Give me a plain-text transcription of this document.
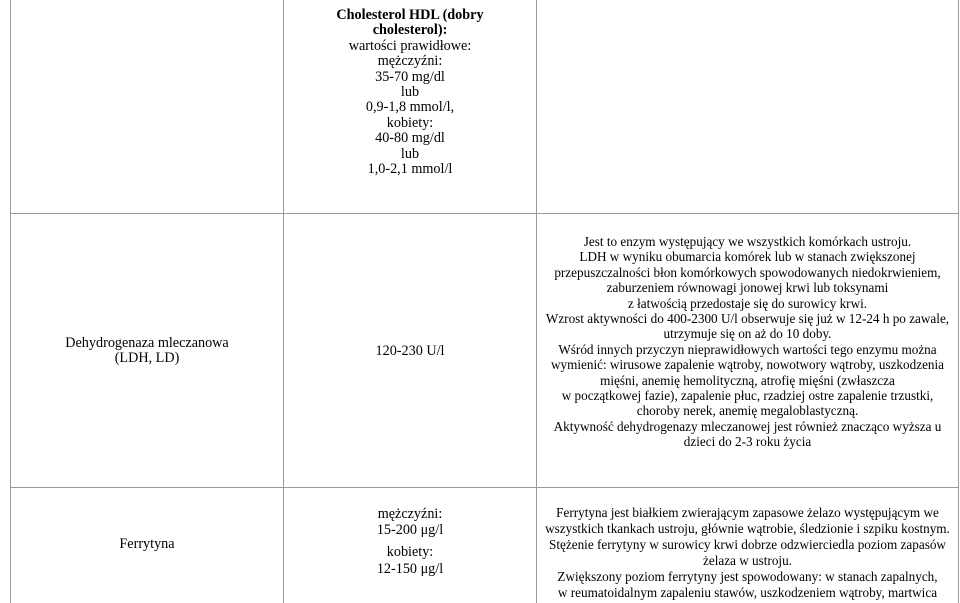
Cholesterol HDL (dobry
cholesterol):
wartości prawidłowe:
mężczyźni:
35-70 mg/dl
lub
0,9-1,8 mmol/l,
kobiety:
40-80 mg/dl
lub
1,0-2,1 mmol/l
Dehydrogenaza mleczanowa
(LDH, LD)	120-230 U/l
Jest to enzym występujący we wszystkich komórkach ustroju.
LDH w wyniku obumarcia komórek lub w stanach zwiększonej
przepuszczalności błon komórkowych spowodowanych niedokrwieniem,
zaburzeniem równowagi jonowej krwi lub toksynami
z łatwością przedostaje się do surowicy krwi.
Wzrost aktywności do 400-2300 U/l obserwuje się już w 12-24 h po zawale,
utrzymuje się on aż do 10 doby.
Wśród innych przyczyn nieprawidłowych wartości tego enzymu można
wymienić: wirusowe zapalenie wątroby, nowotwory wątroby, uszkodzenia
mięśni, anemię hemolityczną, atrofię mięśni (zwłaszcza
w początkowej fazie), zapalenie płuc, rzadziej ostre zapalenie trzustki,
choroby nerek, anemię megaloblastyczną.
Aktywność dehydrogenazy mleczanowej jest również znacząco wyższa u
dzieci do 2-3 roku życia
Ferrytyna
mężczyźni:
15-200 μg/l
kobiety:
12-150 μg/l
Ferrytyna jest białkiem zwierającym zapasowe żelazo występującym we
wszystkich tkankach ustroju, głównie wątrobie, śledzionie i szpiku kostnym.
Stężenie ferrytyny w surowicy krwi dobrze odzwierciedla poziom zapasów
żelaza w ustroju.
Zwiększony poziom ferrytyny jest spowodowany: w stanach zapalnych,
w reumatoidalnym zapaleniu stawów, uszkodzeniem wątroby, martwica
